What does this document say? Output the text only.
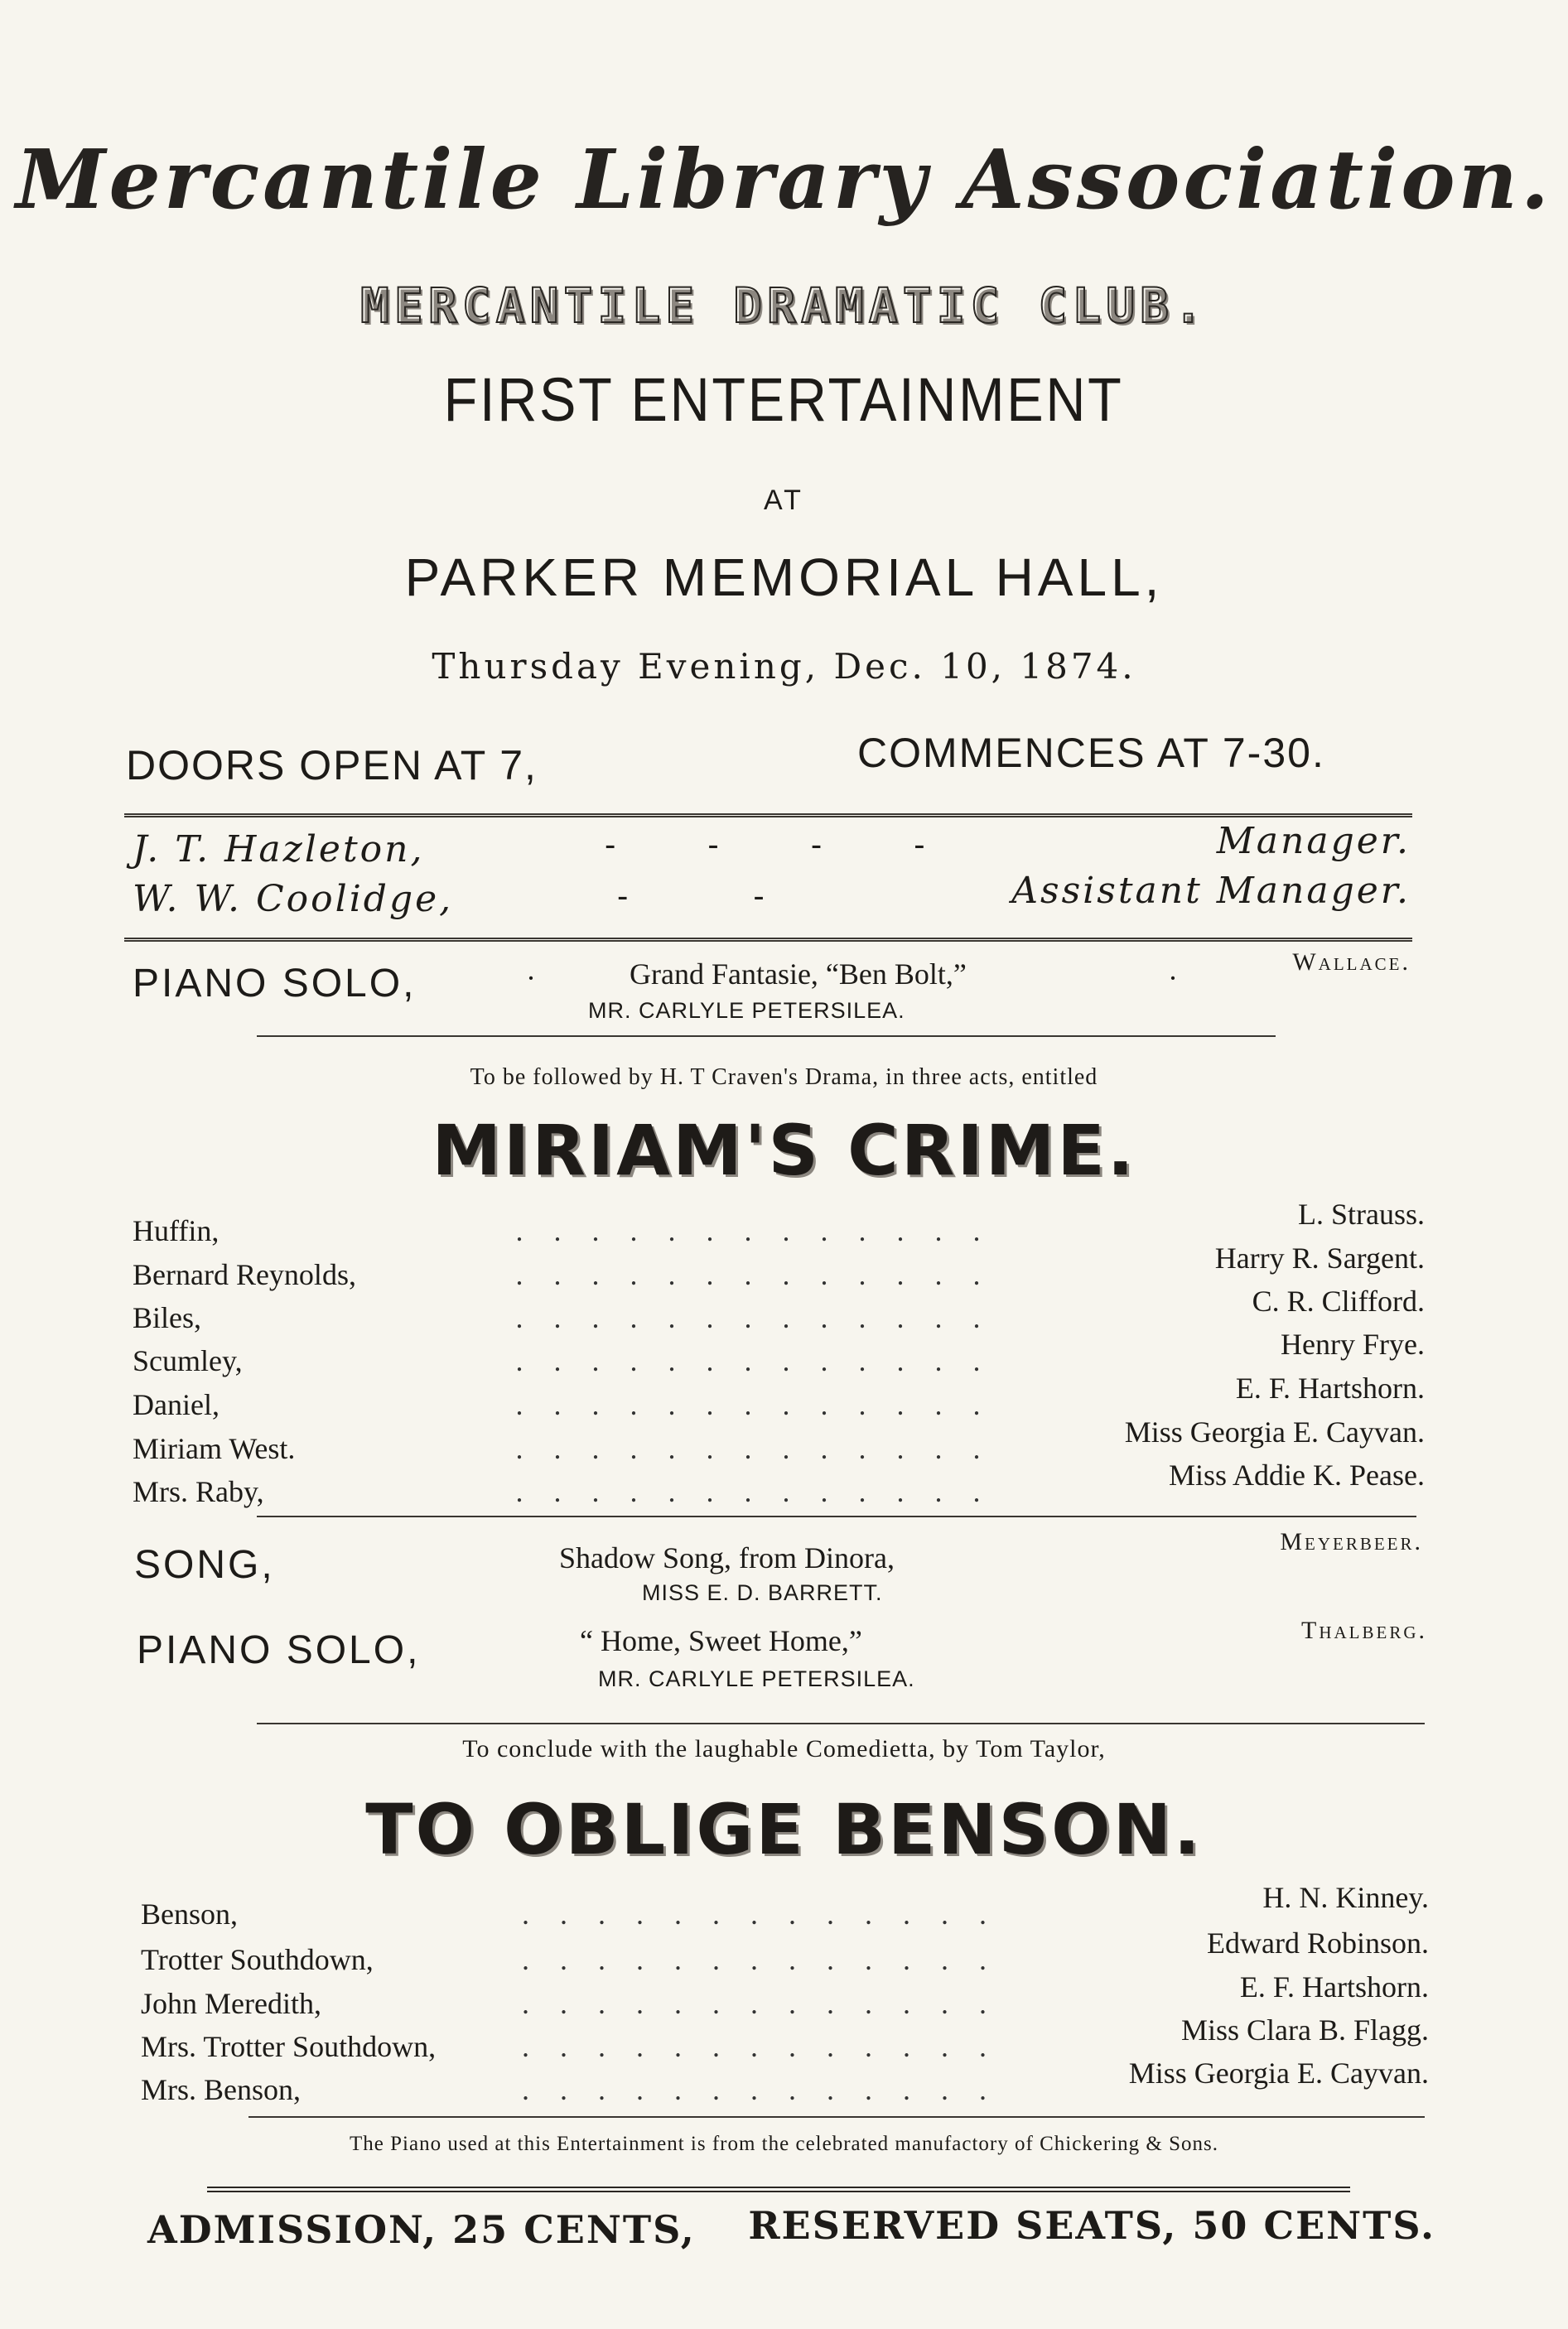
Mercantile Library Association.
MERCANTILE DRAMATIC CLUB.
FIRST ENTERTAINMENT
AT
PARKER MEMORIAL HALL,
Thursday Evening, Dec. 10, 1874.
DOORS OPEN AT 7,	COMMENCES AT 7-30.
J. T. Hazleton,	- - - -	Manager.
W. W. Coolidge,	- -	Assistant Manager.
PIANO SOLO,	·	Grand Fantasie, “Ben Bolt,”	·	Wallace.
MR. CARLYLE PETERSILEA.
To be followed by H. T Craven's Drama, in three acts, entitled
MIRIAM'S CRIME.
Huffin,	. . . . . . . . . . . . .	L. Strauss.
Bernard Reynolds,	. . . . . . . . . . . . .	Harry R. Sargent.
Biles,	. . . . . . . . . . . . .	C. R. Clifford.
Scumley,	. . . . . . . . . . . . .	Henry Frye.
Daniel,	. . . . . . . . . . . . .	E. F. Hartshorn.
Miriam West.	. . . . . . . . . . . . .	Miss Georgia E. Cayvan.
Mrs. Raby,	. . . . . . . . . . . . .	Miss Addie K. Pease.
SONG,	Shadow Song, from Dinora,	Meyerbeer.
MISS E. D. BARRETT.
PIANO SOLO,	“ Home, Sweet Home,”	Thalberg.
MR. CARLYLE PETERSILEA.
To conclude with the laughable Comedietta, by Tom Taylor,
TO OBLIGE BENSON.
Benson,	. . . . . . . . . . . . .	H. N. Kinney.
Trotter Southdown,	. . . . . . . . . . . . .	Edward Robinson.
John Meredith,	. . . . . . . . . . . . .	E. F. Hartshorn.
Mrs. Trotter Southdown,	. . . . . . . . . . . . .	Miss Clara B. Flagg.
Mrs. Benson,	. . . . . . . . . . . . .	Miss Georgia E. Cayvan.
The Piano used at this Entertainment is from the celebrated manufactory of Chickering & Sons.
ADMISSION, 25 CENTS, RESERVED SEATS, 50 CENTS.
